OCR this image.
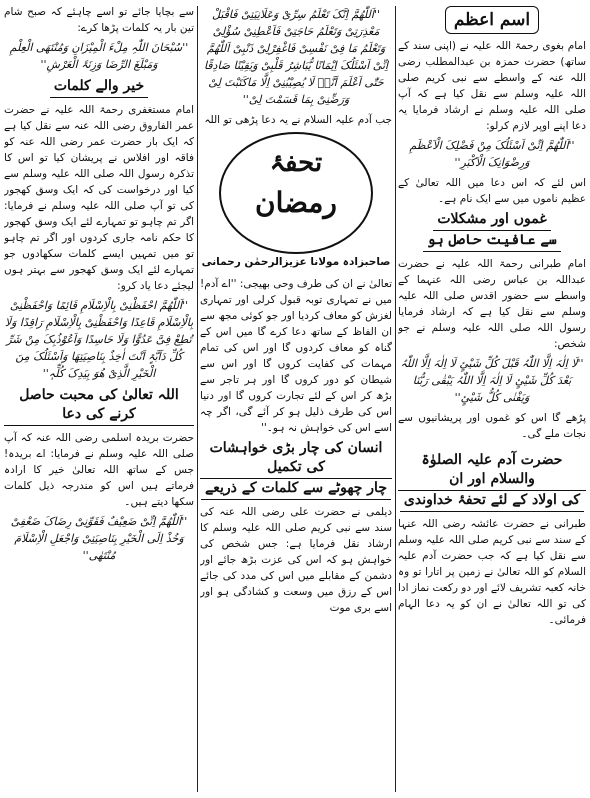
اسم اعظم

امام بغوی رحمۃ اللہ علیہ نے (اپنی سند کے ساتھ) حضرت حمزہ بن عبدالمطلب رضی اللہ عنہ کے واسطے سے نبی کریم صلی اللہ علیہ وسلم سے نقل کیا ہے کہ آپ صلی اللہ علیہ وسلم نے ارشاد فرمایا یہ دعا اپنے اوپر لازم کرلو:

''اَللّٰھُمَّ اِنِّیْ اَسْئَلُکَ مِنْ فَضْلِکَ الْاَعْظَمِ وَرِضْوَانِکَ الْاَکْبَرِ''

اس لئے کہ اس دعا میں اللہ تعالیٰ کے عظیم ناموں میں سے ایک نام ہے۔

غموں اور مشکلات
سے عافیت حاصل ہو

امام طبرانی رحمۃ اللہ علیہ نے حضرت عبداللہ بن عباس رضی اللہ عنہما کے واسطے سے حضور اقدس صلی اللہ علیہ وسلم سے نقل کیا ہے کہ ارشاد فرمایا رسول اللہ صلی اللہ علیہ وسلم نے جو شخص:

''لَا اِلٰہَ اِلَّا اللّٰہُ قَبْلَ کُلِّ شَیْئٍ لَا اِلٰہَ اِلَّا اللّٰہُ بَعْدَ کُلِّ شَیْئٍ لَا اِلٰہَ اِلَّا اللّٰہُ یَبْقٰی رَبُّنَا وَیَفْنٰی کُلُّ شَیْئٍ''

پڑھے گا اس کو غموں اور پریشانیوں سے نجات ملے گی۔

حضرت آدم علیہ الصلوٰۃ والسلام اور ان
کی اولاد کے لئے تحفۂ خداوندی

طبرانی نے حضرت عائشہ رضی اللہ عنہا کے سند سے نبی کریم صلی اللہ علیہ وسلم سے نقل کیا ہے کہ جب حضرت آدم علیہ السلام کو اللہ تعالیٰ نے زمین پر اتارا تو وہ خانہ کعبہ تشریف لائے اور دو رکعت نماز ادا کی تو اللہ تعالیٰ نے ان کو یہ دعا الہام فرمائی۔

''اَللّٰھُمَّ اِنَّکَ تَعْلَمُ سِرِّیْ وَعَلَانِیَتِیْ فَاقْبَلْ مَعْذِرَتِیْ وَتَعْلَمُ حَاجَتِیْ فَاَعْطِنِیْ سُؤْلِیْ وَتَعْلَمُ مَا فِیْ نَفْسِیْ فَاغْفِرْلِیْ ذَنْبِیْ اَللّٰھُمَّ اِنِّیْ اَسْئَلُکَ اِیْمَانًا یُّبَاشِرُ قَلْبِیْ وَیَقِیْنًا صَادِقًا حَتّٰی اَعْلَمَ اَنَّہٗ لَا یُصِیْبُنِیْ اِلَّا مَاکَتَبْتَ لِیْ وَرَضِّنِیْ بِمَا قَسَمْتَ لِیْ''

جب آدم علیہ السلام نے یہ دعا پڑھی تو اللہ

تحفۂ
رمضان
صاحبزادہ مولانا عزیزالرحمٰن رحمانی

تعالیٰ نے ان کی طرف وحی بھیجی: ''اے آدم! میں نے تمہاری توبہ قبول کرلی اور تمہاری لغزش کو معاف کردیا اور جو کوئی مجھ سے ان الفاظ کے ساتھ دعا کرے گا میں اس کے گناہ کو معاف کردوں گا اور اس کی تمام مہمات کی کفایت کروں گا اور اس سے شیطان کو دور کروں گا اور ہر تاجر سے بڑھ کر اس کے لئے تجارت کروں گا اور دنیا اس کی طرف ذلیل ہو کر آئے گی، اگر چہ اسے اس کی خواہش نہ ہو۔''

انسان کی چار بڑی خواہشات کی تکمیل
چار چھوٹے سے کلمات کے ذریعے

دیلمی نے حضرت علی رضی اللہ عنہ کی سند سے نبی کریم صلی اللہ علیہ وسلم کا ارشاد نقل فرمایا ہے: جس شخص کی خواہش ہو کہ اس کی عزت بڑھ جائے اور دشمن کے مقابلے میں اس کی مدد کی جائے اس کے رزق میں وسعت و کشادگی ہو اور اسے بری موت

سے بچایا جائے تو اسے چاہئے کہ صبح شام تین بار یہ کلمات پڑھا کرے:

''سُبْحَانَ اللّٰہِ مِلْءَ الْمِیْزَانِ وَمُنْتَھَی الْعِلْمِ وَمَبْلَغَ الرِّضَا وَزِنَۃَ الْعَرْشِ''

خیر والے کلمات

امام مستغفری رحمۃ اللہ علیہ نے حضرت عمر الفاروق رضی اللہ عنہ سے نقل کیا ہے کہ ایک بار حضرت عمر رضی اللہ عنہ کو فاقہ اور افلاس نے پریشان کیا تو اس کا تذکرہ رسول اللہ صلی اللہ علیہ وسلم سے کیا اور درخواست کی کہ ایک وسق کھجور کی تو آپ صلی اللہ علیہ وسلم نے فرمایا: اگر تم چاہو تو تمہارے لئے ایک وسق کھجور کا حکم نامہ جاری کردوں اور اگر تم چاہو تو میں تمہیں ایسے کلمات سکھادوں جو تمہارے لئے ایک وسق کھجور سے بہتر ہوں لیجئے دعا یاد کرو:

''اَللّٰھُمَّ احْفَظْنِیْ بِالْاِسْلَامِ قَائِمًا وَاحْفَظْنِیْ بِالْاِسْلَامِ قَاعِدًا وَاحْفَظْنِیْ بِالْاِسْلَامِ رَاقِدًا وَلَا تُطِعْ فِیَّ عَدُوًّا وَلَا حَاسِدًا وَاَعُوْذُبِکَ مِنْ شَرِّ کُلِّ دَآبَّۃٍ اَنْتَ اٰخِذٌ بِنَاصِیَتِھَا وَاَسْئَلُکَ مِنَ الْخَیْرِ الَّذِیْ ھُوَ بِیَدِکَ کُلِّہٖ''

اللہ تعالیٰ کی محبت حاصل کرنے کی دعا

حضرت بریدہ اسلمی رضی اللہ عنہ کہ آپ صلی اللہ علیہ وسلم نے فرمایا: اے بریدہ! جس کے ساتھ اللہ تعالیٰ خیر کا ارادہ فرماتے ہیں اس کو مندرجہ ذیل کلمات سکھا دیتے ہیں۔

''اَللّٰھُمَّ اِنِّیْ ضَعِیْفٌ فَقَوِّنِیْ رِضَاکَ ضَعْفِیْ وَخُذْ اِلَی الْخَیْرِ بِنَاصِیَتِیْ وَاجْعَلِ الْاِسْلَامَ مُنْتَھٰی''
